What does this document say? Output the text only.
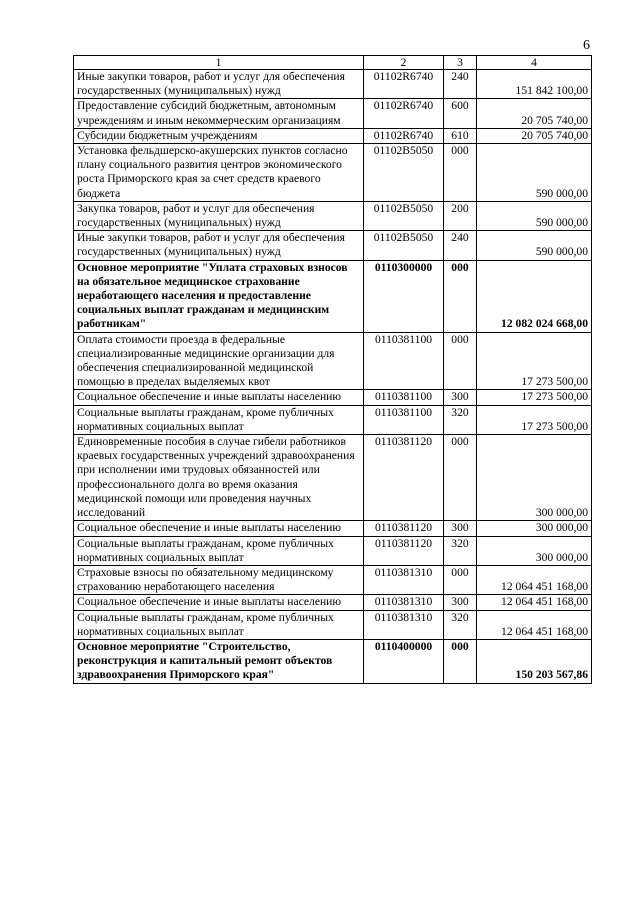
6
1	2	3	4
Иные закупки товаров, работ и услуг для обеспечения государственных (муниципальных) нужд	01102R6740	240	151 842 100,00
Предоставление субсидий бюджетным, автономным учреждениям и иным некоммерческим организациям	01102R6740	600	20 705 740,00
Субсидии бюджетным учреждениям	01102R6740	610	20 705 740,00
Установка фельдшерско-акушерских пунктов согласно плану социального развития центров экономического роста Приморского края за счет средств краевого бюджета	01102В5050	000	590 000,00
Закупка товаров, работ и услуг для обеспечения государственных (муниципальных) нужд	01102В5050	200	590 000,00
Иные закупки товаров, работ и услуг для обеспечения государственных (муниципальных) нужд	01102В5050	240	590 000,00
Основное мероприятие "Уплата страховых взносов на обязательное медицинское страхование неработающего населения и предоставление социальных выплат гражданам и медицинским работникам"	0110300000	000	12 082 024 668,00
Оплата стоимости проезда в федеральные специализированные медицинские организации для обеспечения специализированной медицинской помощью в пределах выделяемых квот	0110381100	000	17 273 500,00
Социальное обеспечение и иные выплаты населению	0110381100	300	17 273 500,00
Социальные выплаты гражданам, кроме публичных нормативных социальных выплат	0110381100	320	17 273 500,00
Единовременные пособия в случае гибели работников краевых государственных учреждений здравоохранения при исполнении ими трудовых обязанностей или профессионального долга во время оказания медицинской помощи или проведения научных исследований	0110381120	000	300 000,00
Социальное обеспечение и иные выплаты населению	0110381120	300	300 000,00
Социальные выплаты гражданам, кроме публичных нормативных социальных выплат	0110381120	320	300 000,00
Страховые взносы по обязательному медицинскому страхованию неработающего населения	0110381310	000	12 064 451 168,00
Социальное обеспечение и иные выплаты населению	0110381310	300	12 064 451 168,00
Социальные выплаты гражданам, кроме публичных нормативных социальных выплат	0110381310	320	12 064 451 168,00
Основное мероприятие "Строительство, реконструкция и капитальный ремонт объектов здравоохранения Приморского края"	0110400000	000	150 203 567,86
